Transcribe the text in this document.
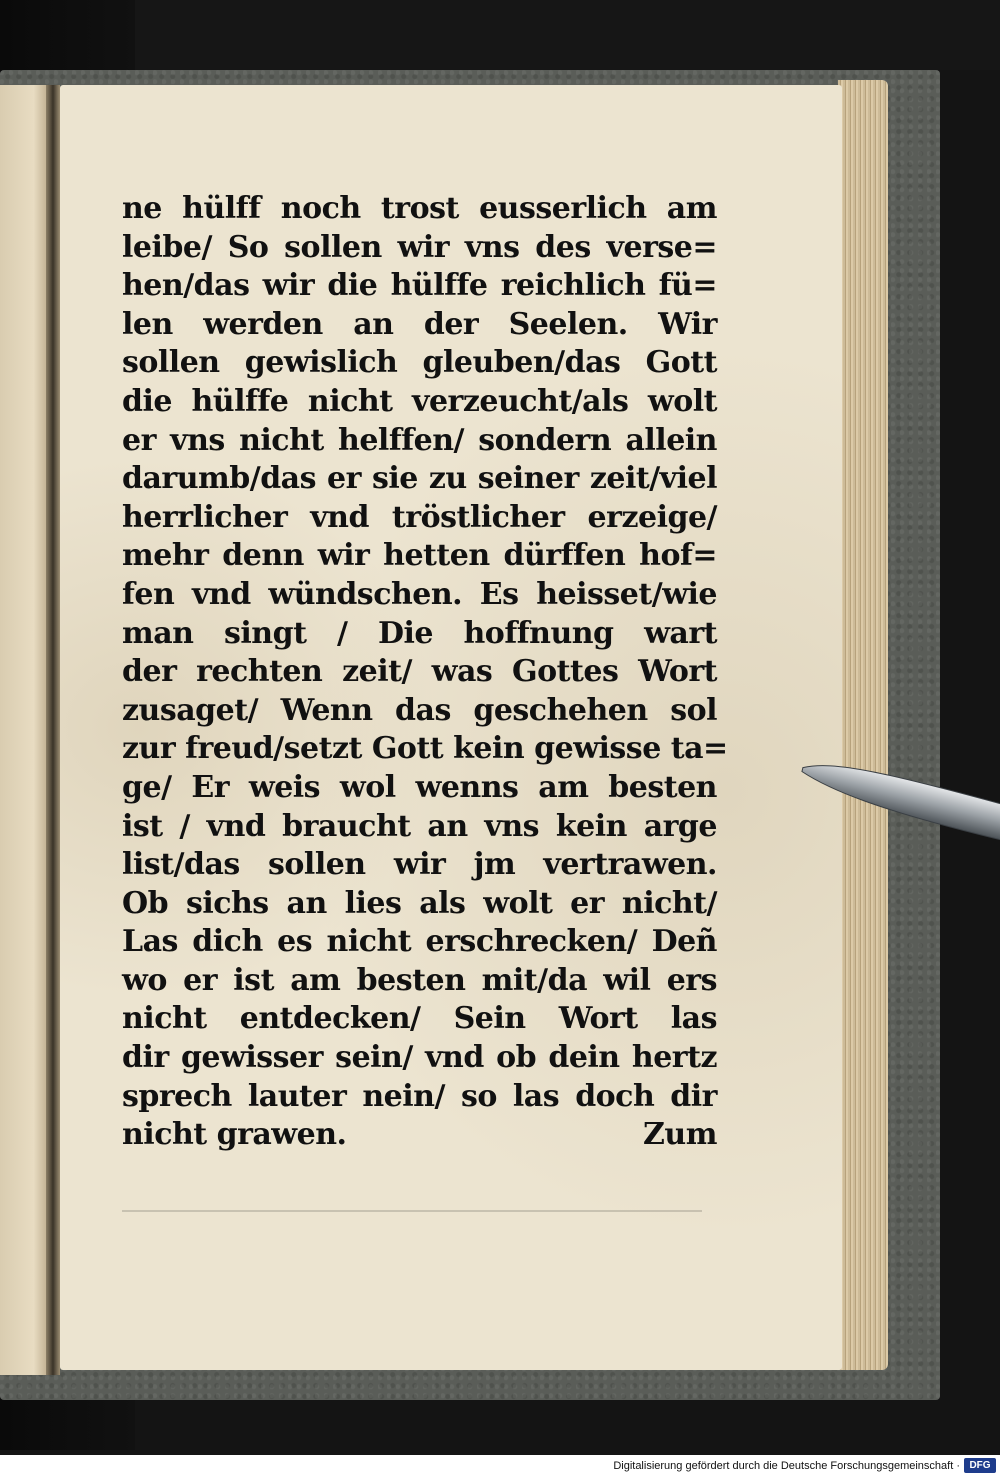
ne hülff noch trost eusserlich am
leibe/ So sollen wir vns des verse=
hen/das wir die hülffe reichlich fü=
len werden an der Seelen. Wir
sollen gewislich gleuben/das Gott
die hülffe nicht verzeucht/als wolt
er vns nicht helffen/ sondern allein
darumb/das er sie zu seiner zeit/viel
herrlicher vnd tröstlicher erzeige/
mehr denn wir hetten dürffen hof=
fen vnd wündschen. Es heisset/wie
man singt / Die hoffnung wart
der rechten zeit/ was Gottes Wort
zusaget/ Wenn das geschehen sol
zur freud/setzt Gott kein gewisse ta=
ge/ Er weis wol wenns am besten
ist / vnd braucht an vns kein arge
list/das sollen wir jm vertrawen.
Ob sichs an lies als wolt er nicht/
Las dich es nicht erschrecken/ Deñ
wo er ist am besten mit/da wil ers
nicht entdecken/ Sein Wort las
dir gewisser sein/ vnd ob dein hertz
sprech lauter nein/ so las doch dir
nicht grawen.	Zum
Digitalisierung gefördert durch die Deutsche Forschungsgemeinschaft · DFG
